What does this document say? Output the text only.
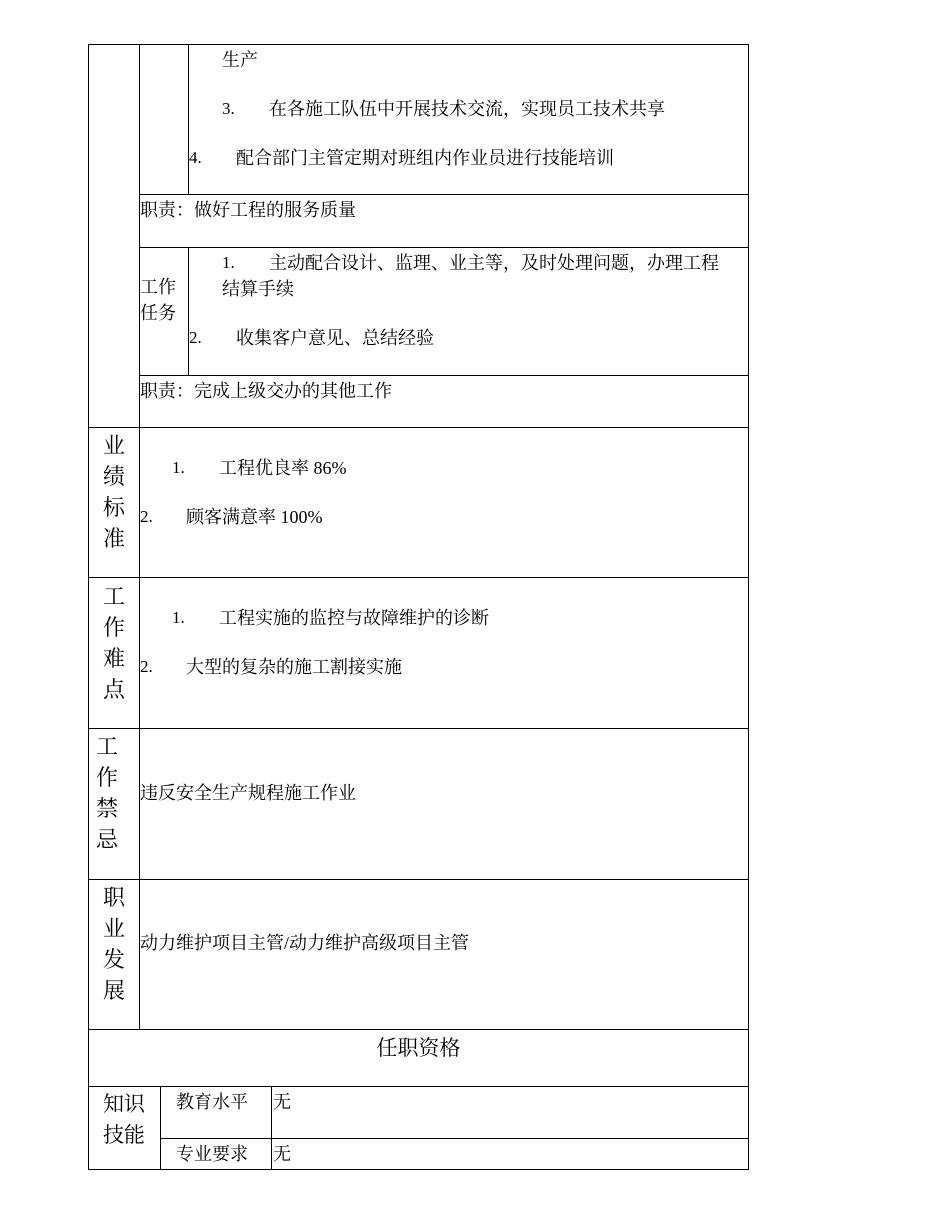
生产
3. 在各施工队伍中开展技术交流，实现员工技术共享
4. 配合部门主管定期对班组内作业员进行技能培训
职责：做好工程的服务质量
工作
任务
1. 主动配合设计、监理、业主等，及时处理问题，办理工程
结算手续
2. 收集客户意见、总结经验
职责：完成上级交办的其他工作
业
绩
标
准
1. 工程优良率 86%
2. 顾客满意率 100%
工
作
难
点
1. 工程实施的监控与故障维护的诊断
2. 大型的复杂的施工割接实施
工
作
禁
忌
违反安全生产规程施工作业
职
业
发
展
动力维护项目主管/动力维护高级项目主管
任职资格
知识
技能
教育水平 无
专业要求 无
